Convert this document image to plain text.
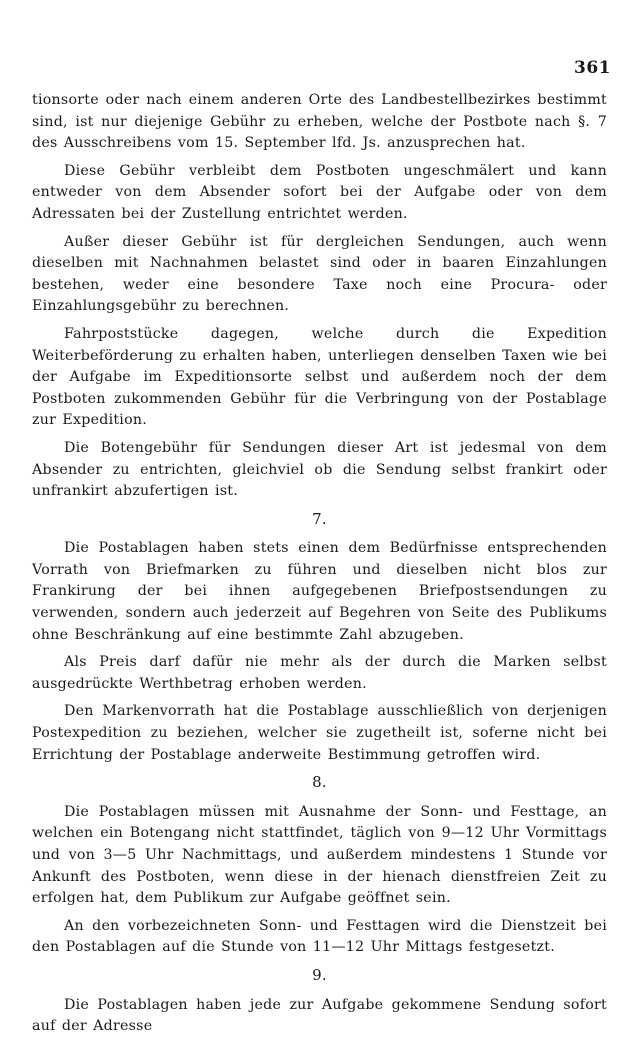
361

tionsorte oder nach einem anderen Orte des Landbestellbezirkes bestimmt sind, ist nur diejenige Gebühr zu erheben, welche der Postbote nach §. 7 des Ausschreibens vom 15. September lfd. Js. anzusprechen hat.

Diese Gebühr verbleibt dem Postboten ungeschmälert und kann entweder von dem Absender sofort bei der Aufgabe oder von dem Adressaten bei der Zustellung entrichtet werden.

Außer dieser Gebühr ist für dergleichen Sendungen, auch wenn dieselben mit Nachnahmen belastet sind oder in baaren Einzahlungen bestehen, weder eine besondere Taxe noch eine Procura- oder Einzahlungsgebühr zu berechnen.

Fahrpoststücke dagegen, welche durch die Expedition Weiterbeförderung zu erhalten haben, unterliegen denselben Taxen wie bei der Aufgabe im Expeditionsorte selbst und außerdem noch der dem Postboten zukommenden Gebühr für die Verbringung von der Postablage zur Expedition.

Die Botengebühr für Sendungen dieser Art ist jedesmal von dem Absender zu entrichten, gleichviel ob die Sendung selbst frankirt oder unfrankirt abzufertigen ist.

7.

Die Postablagen haben stets einen dem Bedürfnisse entsprechenden Vorrath von Briefmarken zu führen und dieselben nicht blos zur Frankirung der bei ihnen aufgegebenen Briefpostsendungen zu verwenden, sondern auch jederzeit auf Begehren von Seite des Publikums ohne Beschränkung auf eine bestimmte Zahl abzugeben.

Als Preis darf dafür nie mehr als der durch die Marken selbst ausgedrückte Werthbetrag erhoben werden.

Den Markenvorrath hat die Postablage ausschließlich von derjenigen Postexpedition zu beziehen, welcher sie zugetheilt ist, soferne nicht bei Errichtung der Postablage anderweite Bestimmung getroffen wird.

8.

Die Postablagen müssen mit Ausnahme der Sonn- und Festtage, an welchen ein Botengang nicht stattfindet, täglich von 9—12 Uhr Vormittags und von 3—5 Uhr Nachmittags, und außerdem mindestens 1 Stunde vor Ankunft des Postboten, wenn diese in der hienach dienstfreien Zeit zu erfolgen hat, dem Publikum zur Aufgabe geöffnet sein.

An den vorbezeichneten Sonn- und Festtagen wird die Dienstzeit bei den Postablagen auf die Stunde von 11—12 Uhr Mittags festgesetzt.

9.

Die Postablagen haben jede zur Aufgabe gekommene Sendung sofort auf der Adresse
